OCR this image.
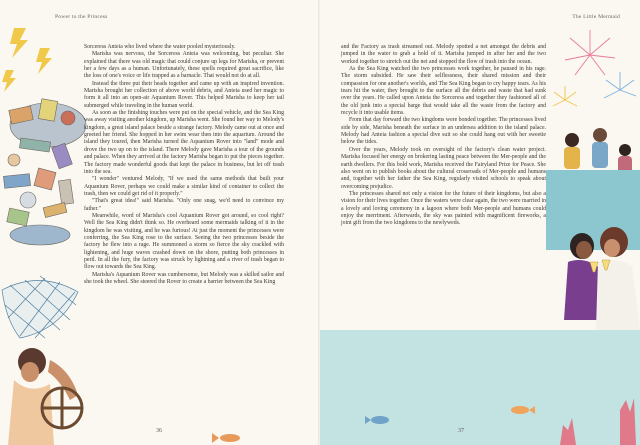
Power to the Princess

Sorceress Anteia who lived where the water pooled mysteriously.

Marisha was nervous, the Sorceress Anteia was welcoming, but peculiar. She explained that there was old magic that could conjure up legs for Marisha, or prevent her a few days as a human. Unfortunately, these spells required great sacrifice, like the loss of one's voice or life trapped as a barnacle. That would not do at all.

Instead the three put their heads together and came up with an inspired invention. Marisha brought her collection of above world debris, and Anteia used her magic to form it all into an open-air Aquanium Rover. This helped Marisha to keep her tail submerged while traveling in the human world.

As soon as the finishing touches were put on the special vehicle, and the Sea King was away visiting another kingdom, up Marisha went. She found her way to Melody's kingdom, a great island palace beside a strange factory. Melody came out at once and greeted her friend. She hopped in her swim wear then into the aquarium. Around the island they toured, then Marisha turned the Aquanium Rover into "land" mode and drove the two up on to the island. There Melody gave Marisha a tour of the grounds and palace. When they arrived at the factory Marisha began to put the pieces together. The factory made wonderful goods that kept the palace in business, but let off trash into the sea.

"I wonder" ventured Melody, "If we used the same methods that built your Aquanium Rover, perhaps we could make a similar kind of container to collect the trash, then we could get rid of it properly."

"That's great idea!" said Marisha. "Only one snag, we'd need to convince my father."

Meanwhile, word of Marisha's cool Aquanium Rover got around, so cool right? Well the Sea King didn't think so. He overheard some mermaids talking of it in the kingdom he was visiting, and he was furious! At just the moment the princesses were conferring, the Sea King rose to the surface. Seeing the two princesses beside the factory he flew into a rage. He summoned a storm so fierce the sky crackled with lightening, and huge waves crashed down on the shore, putting both princesses in peril. In all the fury, the factory was struck by lightning and a river of trash began to flow out towards the Sea King.

Marisha's Aquanium Rover was cumbersome, but Melody was a skilled sailor and she took the wheel. She steered the Rover to create a barrier between the Sea King

36
The Little Mermaid

and the Factory as trash streamed out. Melody spotted a net amongst the debris and jumped in the water to grab a hold of it. Marisha jumped in after her and the two worked together to stretch out the net and stopped the flow of trash into the ocean.

As the Sea King watched the two princesses work together, he paused in his rage. The storm subsided. He saw their selflessness, their shared mission and their compassion for one another's worlds, and The Sea King began to cry happy tears. As his tears hit the water, they brought to the surface all the debris and waste that had sunk over the years. He called upon Anteia the Sorceress and together they fashioned all of the old junk into a special barge that would take all the waste from the factory and recycle it into usable items.

From that day forward the two kingdoms were bonded together. The princesses lived side by side, Marisha beneath the surface in an undersea addition to the island palace. Melody had Anteia fashion a special dive suit so she could hang out with her sweetie below the tides.

Over the years, Melody took on oversight of the factory's clean water project. Marisha focused her energy on brokering lasting peace between the Mer-people and the earth dwellers. For this bold work, Marisha received the Fairyland Prize for Peace. She also went on to publish books about the cultural crossroads of Mer-people and humans and, together with her father the Sea King, regularly visited schools to speak about overcoming prejudice.

The princesses shared not only a vision for the future of their kingdoms, but also a vision for their lives together. Once the waters were clear again, the two were married in a lovely and loving ceremony in a lagoon where both Mer-people and humans could enjoy the merriment. Afterwards, the sky was painted with magnificent fireworks, a joint gift from the two kingdoms to the newlyweds.

37
